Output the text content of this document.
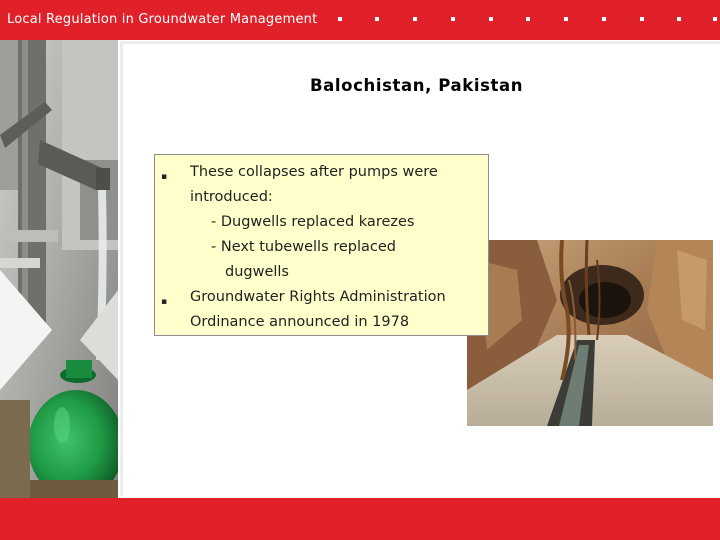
Local Regulation in Groundwater Management
Balochistan, Pakistan
▪ These collapses after pumps were
introduced:
- Dugwells replaced karezes
- Next tubewells replaced
dugwells
▪ Groundwater Rights Administration
Ordinance announced in 1978
